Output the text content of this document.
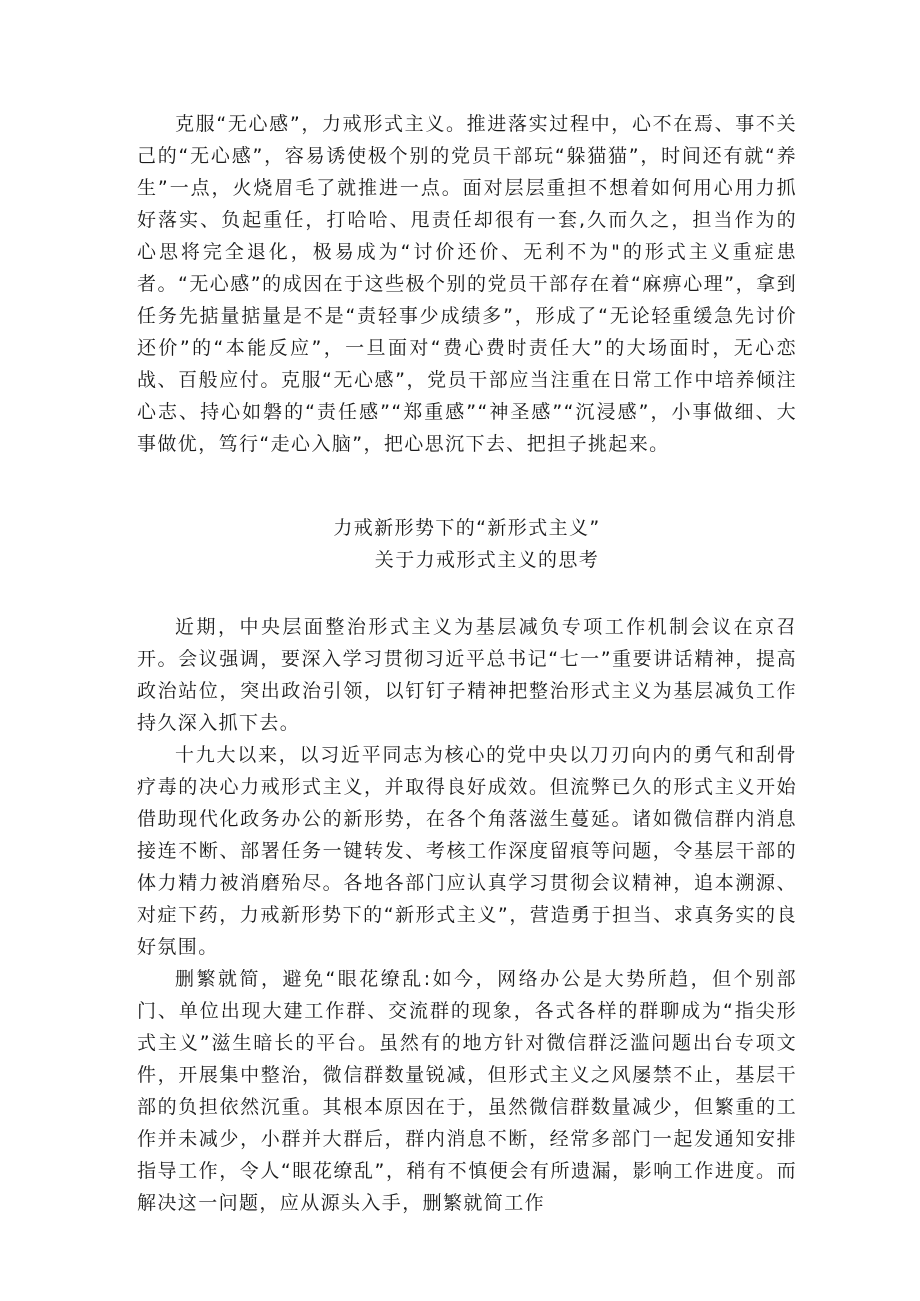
克服“无心感”，力戒形式主义。推进落实过程中，心不在焉、事不关己的“无心感”，容易诱使极个别的党员干部玩“躲猫猫”，时间还有就“养生”一点，火烧眉毛了就推进一点。面对层层重担不想着如何用心用力抓好落实、负起重任，打哈哈、甩责任却很有一套,久而久之，担当作为的心思将完全退化，极易成为“讨价还价、无利不为"的形式主义重症患者。“无心感”的成因在于这些极个别的党员干部存在着“麻痹心理”，拿到任务先掂量掂量是不是“责轻事少成绩多”，形成了“无论轻重缓急先讨价还价”的“本能反应”，一旦面对“费心费时责任大”的大场面时，无心恋战、百般应付。克服“无心感”，党员干部应当注重在日常工作中培养倾注心志、持心如磐的“责任感”“郑重感”“神圣感”“沉浸感”，小事做细、大事做优，笃行“走心入脑”，把心思沉下去、把担子挑起来。

力戒新形势下的“新形式主义”

关于力戒形式主义的思考

近期，中央层面整治形式主义为基层减负专项工作机制会议在京召开。会议强调，要深入学习贯彻习近平总书记“七一”重要讲话精神，提高政治站位，突出政治引领，以钉钉子精神把整治形式主义为基层减负工作持久深入抓下去。

十九大以来，以习近平同志为核心的党中央以刀刃向内的勇气和刮骨疗毒的决心力戒形式主义，并取得良好成效。但流弊已久的形式主义开始借助现代化政务办公的新形势，在各个角落滋生蔓延。诸如微信群内消息接连不断、部署任务一键转发、考核工作深度留痕等问题，令基层干部的体力精力被消磨殆尽。各地各部门应认真学习贯彻会议精神，追本溯源、对症下药，力戒新形势下的“新形式主义”，营造勇于担当、求真务实的良好氛围。

删繁就简，避免“眼花缭乱:如今，网络办公是大势所趋，但个别部门、单位出现大建工作群、交流群的现象，各式各样的群聊成为“指尖形式主义”滋生暗长的平台。虽然有的地方针对微信群泛滥问题出台专项文件，开展集中整治，微信群数量锐减，但形式主义之风屡禁不止，基层干部的负担依然沉重。其根本原因在于，虽然微信群数量减少，但繁重的工作并未减少，小群并大群后，群内消息不断，经常多部门一起发通知安排指导工作，令人“眼花缭乱”，稍有不慎便会有所遗漏，影响工作进度。而解决这一问题，应从源头入手，删繁就简工作
